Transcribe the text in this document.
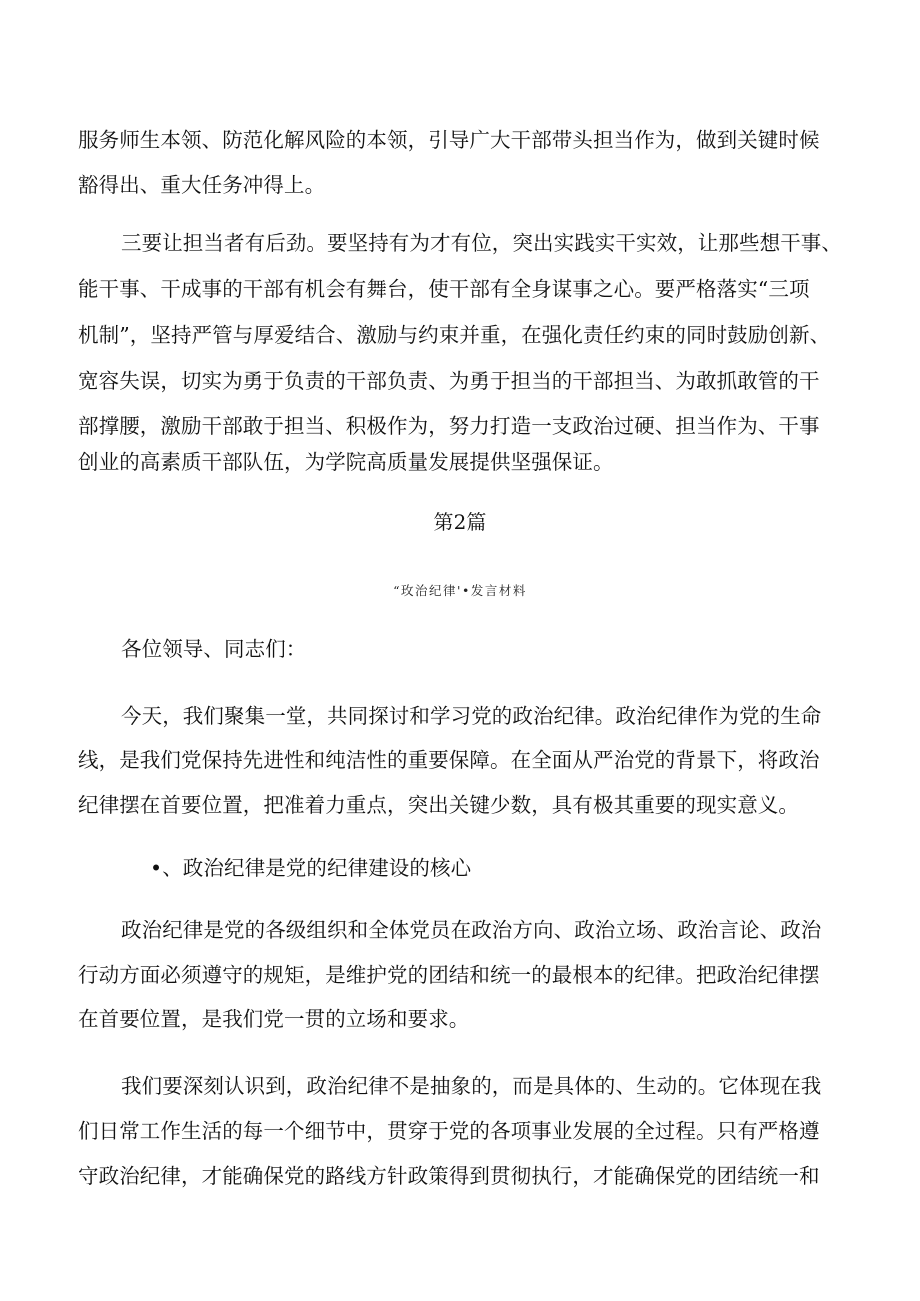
服务师生本领、防范化解风险的本领，引导广大干部带头担当作为，做到关键时候
豁得出、重大任务冲得上。
三要让担当者有后劲。要坚持有为才有位，突出实践实干实效，让那些想干事、
能干事、干成事的干部有机会有舞台，使干部有全身谋事之心。要严格落实“三项
机制”，坚持严管与厚爱结合、激励与约束并重，在强化责任约束的同时鼓励创新、
宽容失误，切实为勇于负责的干部负责、为勇于担当的干部担当、为敢抓敢管的干
部撑腰，激励干部敢于担当、积极作为，努力打造一支政治过硬、担当作为、干事
创业的高素质干部队伍，为学院高质量发展提供坚强保证。
第2篇
“玫治纪律'•发言材料
各位领导、同志们：
今天，我们聚集一堂，共同探讨和学习党的政治纪律。政治纪律作为党的生命
线，是我们党保持先进性和纯洁性的重要保障。在全面从严治党的背景下，将政治
纪律摆在首要位置，把准着力重点，突出关键少数，具有极其重要的现实意义。
•、政治纪律是党的纪律建设的核心
政治纪律是党的各级组织和全体党员在政治方向、政治立场、政治言论、政治
行动方面必须遵守的规矩，是维护党的团结和统一的最根本的纪律。把政治纪律摆
在首要位置，是我们党一贯的立场和要求。
我们要深刻认识到，政治纪律不是抽象的，而是具体的、生动的。它体现在我
们日常工作生活的每一个细节中，贯穿于党的各项事业发展的全过程。只有严格遵
守政治纪律，才能确保党的路线方针政策得到贯彻执行，才能确保党的团结统一和
